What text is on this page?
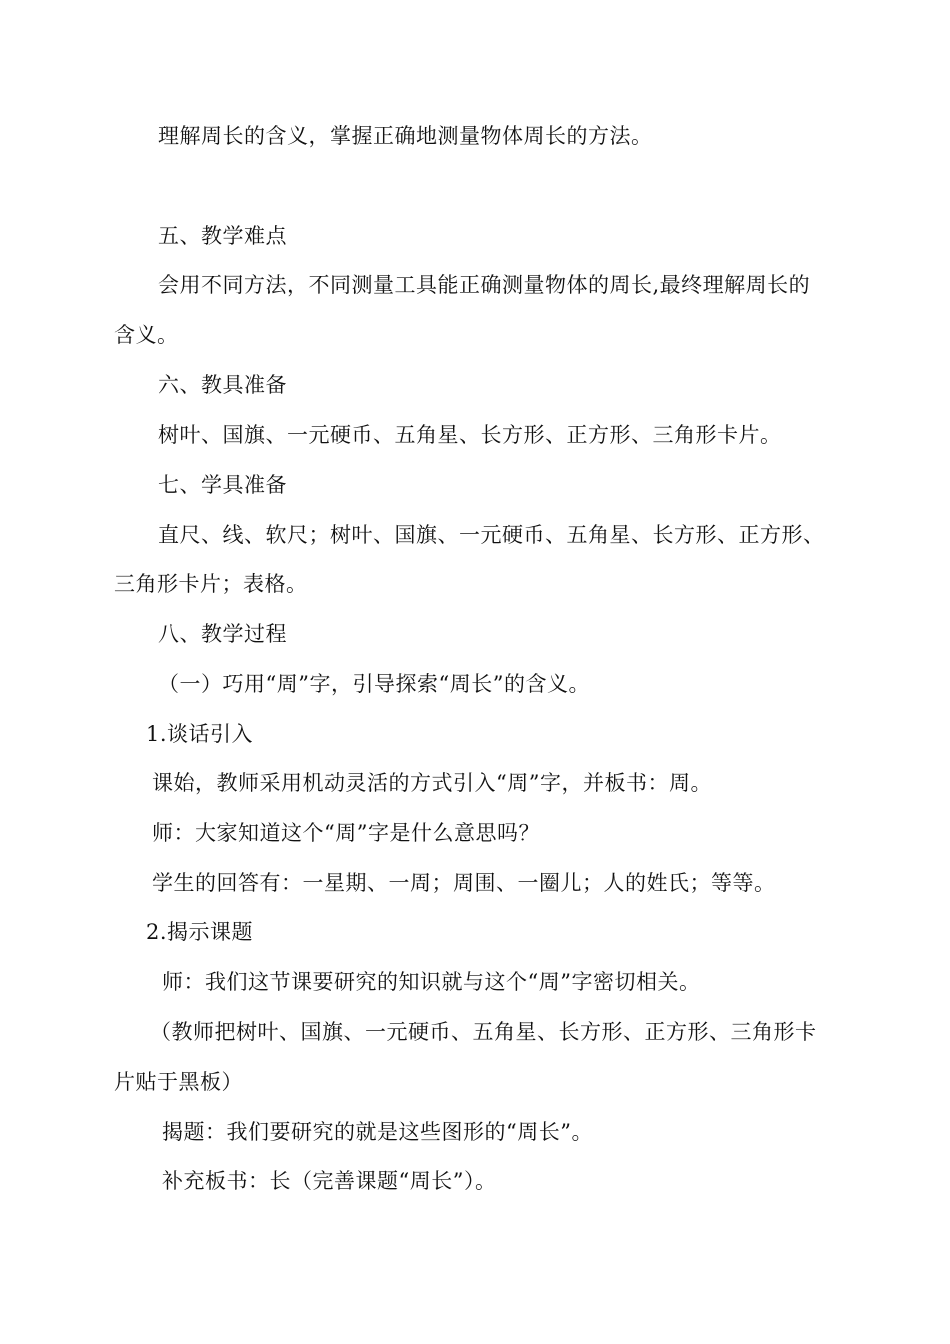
理解周长的含义，掌握正确地测量物体周长的方法。
五、教学难点
会用不同方法，不同测量工具能正确测量物体的周长,最终理解周长的
含义。
六、教具准备
树叶、国旗、一元硬币、五角星、长方形、正方形、三角形卡片。
七、学具准备
直尺、线、软尺；树叶、国旗、一元硬币、五角星、长方形、正方形、
三角形卡片；表格。
八、教学过程
（一）巧用“周”字，引导探索“周长”的含义。
1.谈话引入
课始，教师采用机动灵活的方式引入“周”字，并板书：周。
师：大家知道这个“周”字是什么意思吗？
学生的回答有：一星期、一周；周围、一圈儿；人的姓氏；等等。
2.揭示课题
师：我们这节课要研究的知识就与这个“周”字密切相关。
（教师把树叶、国旗、一元硬币、五角星、长方形、正方形、三角形卡
片贴于黑板）
揭题：我们要研究的就是这些图形的“周长”。
补充板书：长（完善课题“周长”）。
